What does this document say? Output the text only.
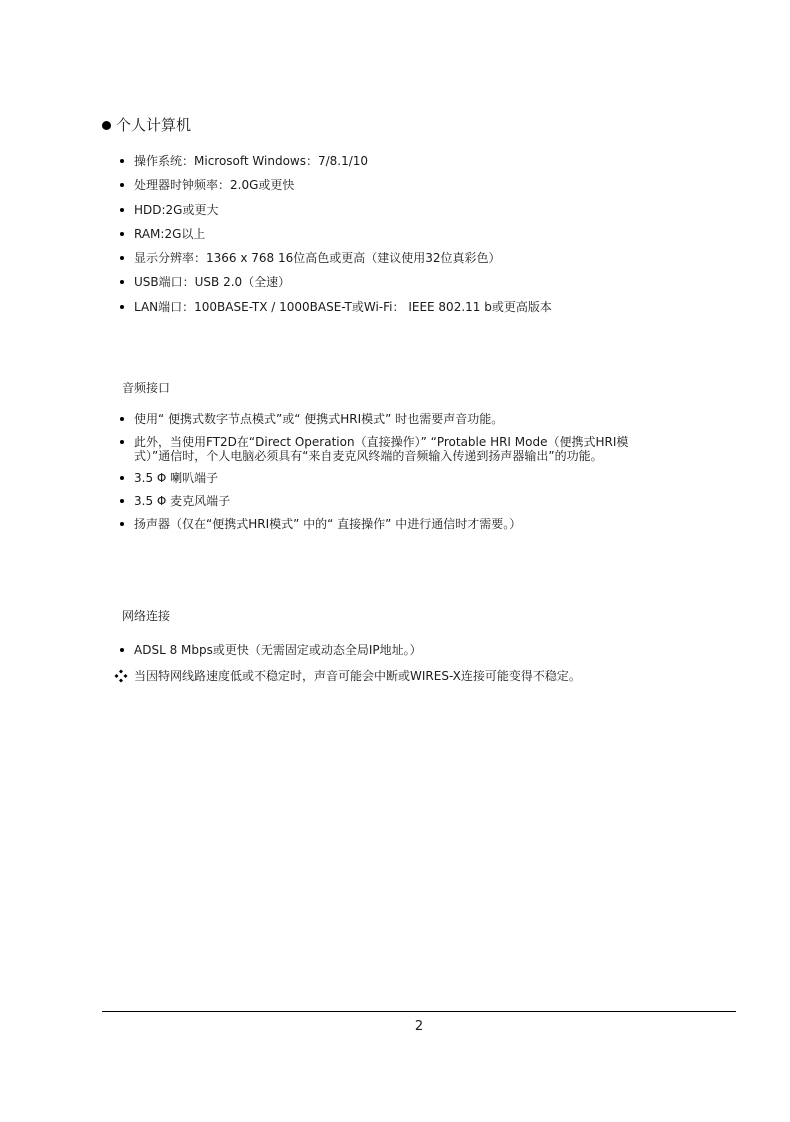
个人计算机
操作系统：Microsoft Windows：7/8.1/10
处理器时钟频率：2.0G或更快
HDD:2G或更大
RAM:2G以上
显示分辨率：1366 x 768 16位高色或更高（建议使用32位真彩色）
USB端口：USB 2.0（全速）
LAN端口：100BASE-TX / 1000BASE-T或Wi-Fi： IEEE 802.11 b或更高版本
音频接口
使用“ 便携式数字节点模式”或“ 便携式HRI模式” 时也需要声音功能。
此外，当使用FT2D在“Direct Operation（直接操作）” “Protable HRI Mode（便携式HRI模式）”通信时，个人电脑必须具有“来自麦克风终端的音频输入传递到扬声器输出”的功能。
3.5 Φ 喇叭端子
3.5 Φ 麦克风端子
扬声器（仅在“便携式HRI模式” 中的“ 直接操作” 中进行通信时才需要。）
网络连接
ADSL 8 Mbps或更快（无需固定或动态全局IP地址。）
当因特网线路速度低或不稳定时，声音可能会中断或WIRES-X连接可能变得不稳定。
2
